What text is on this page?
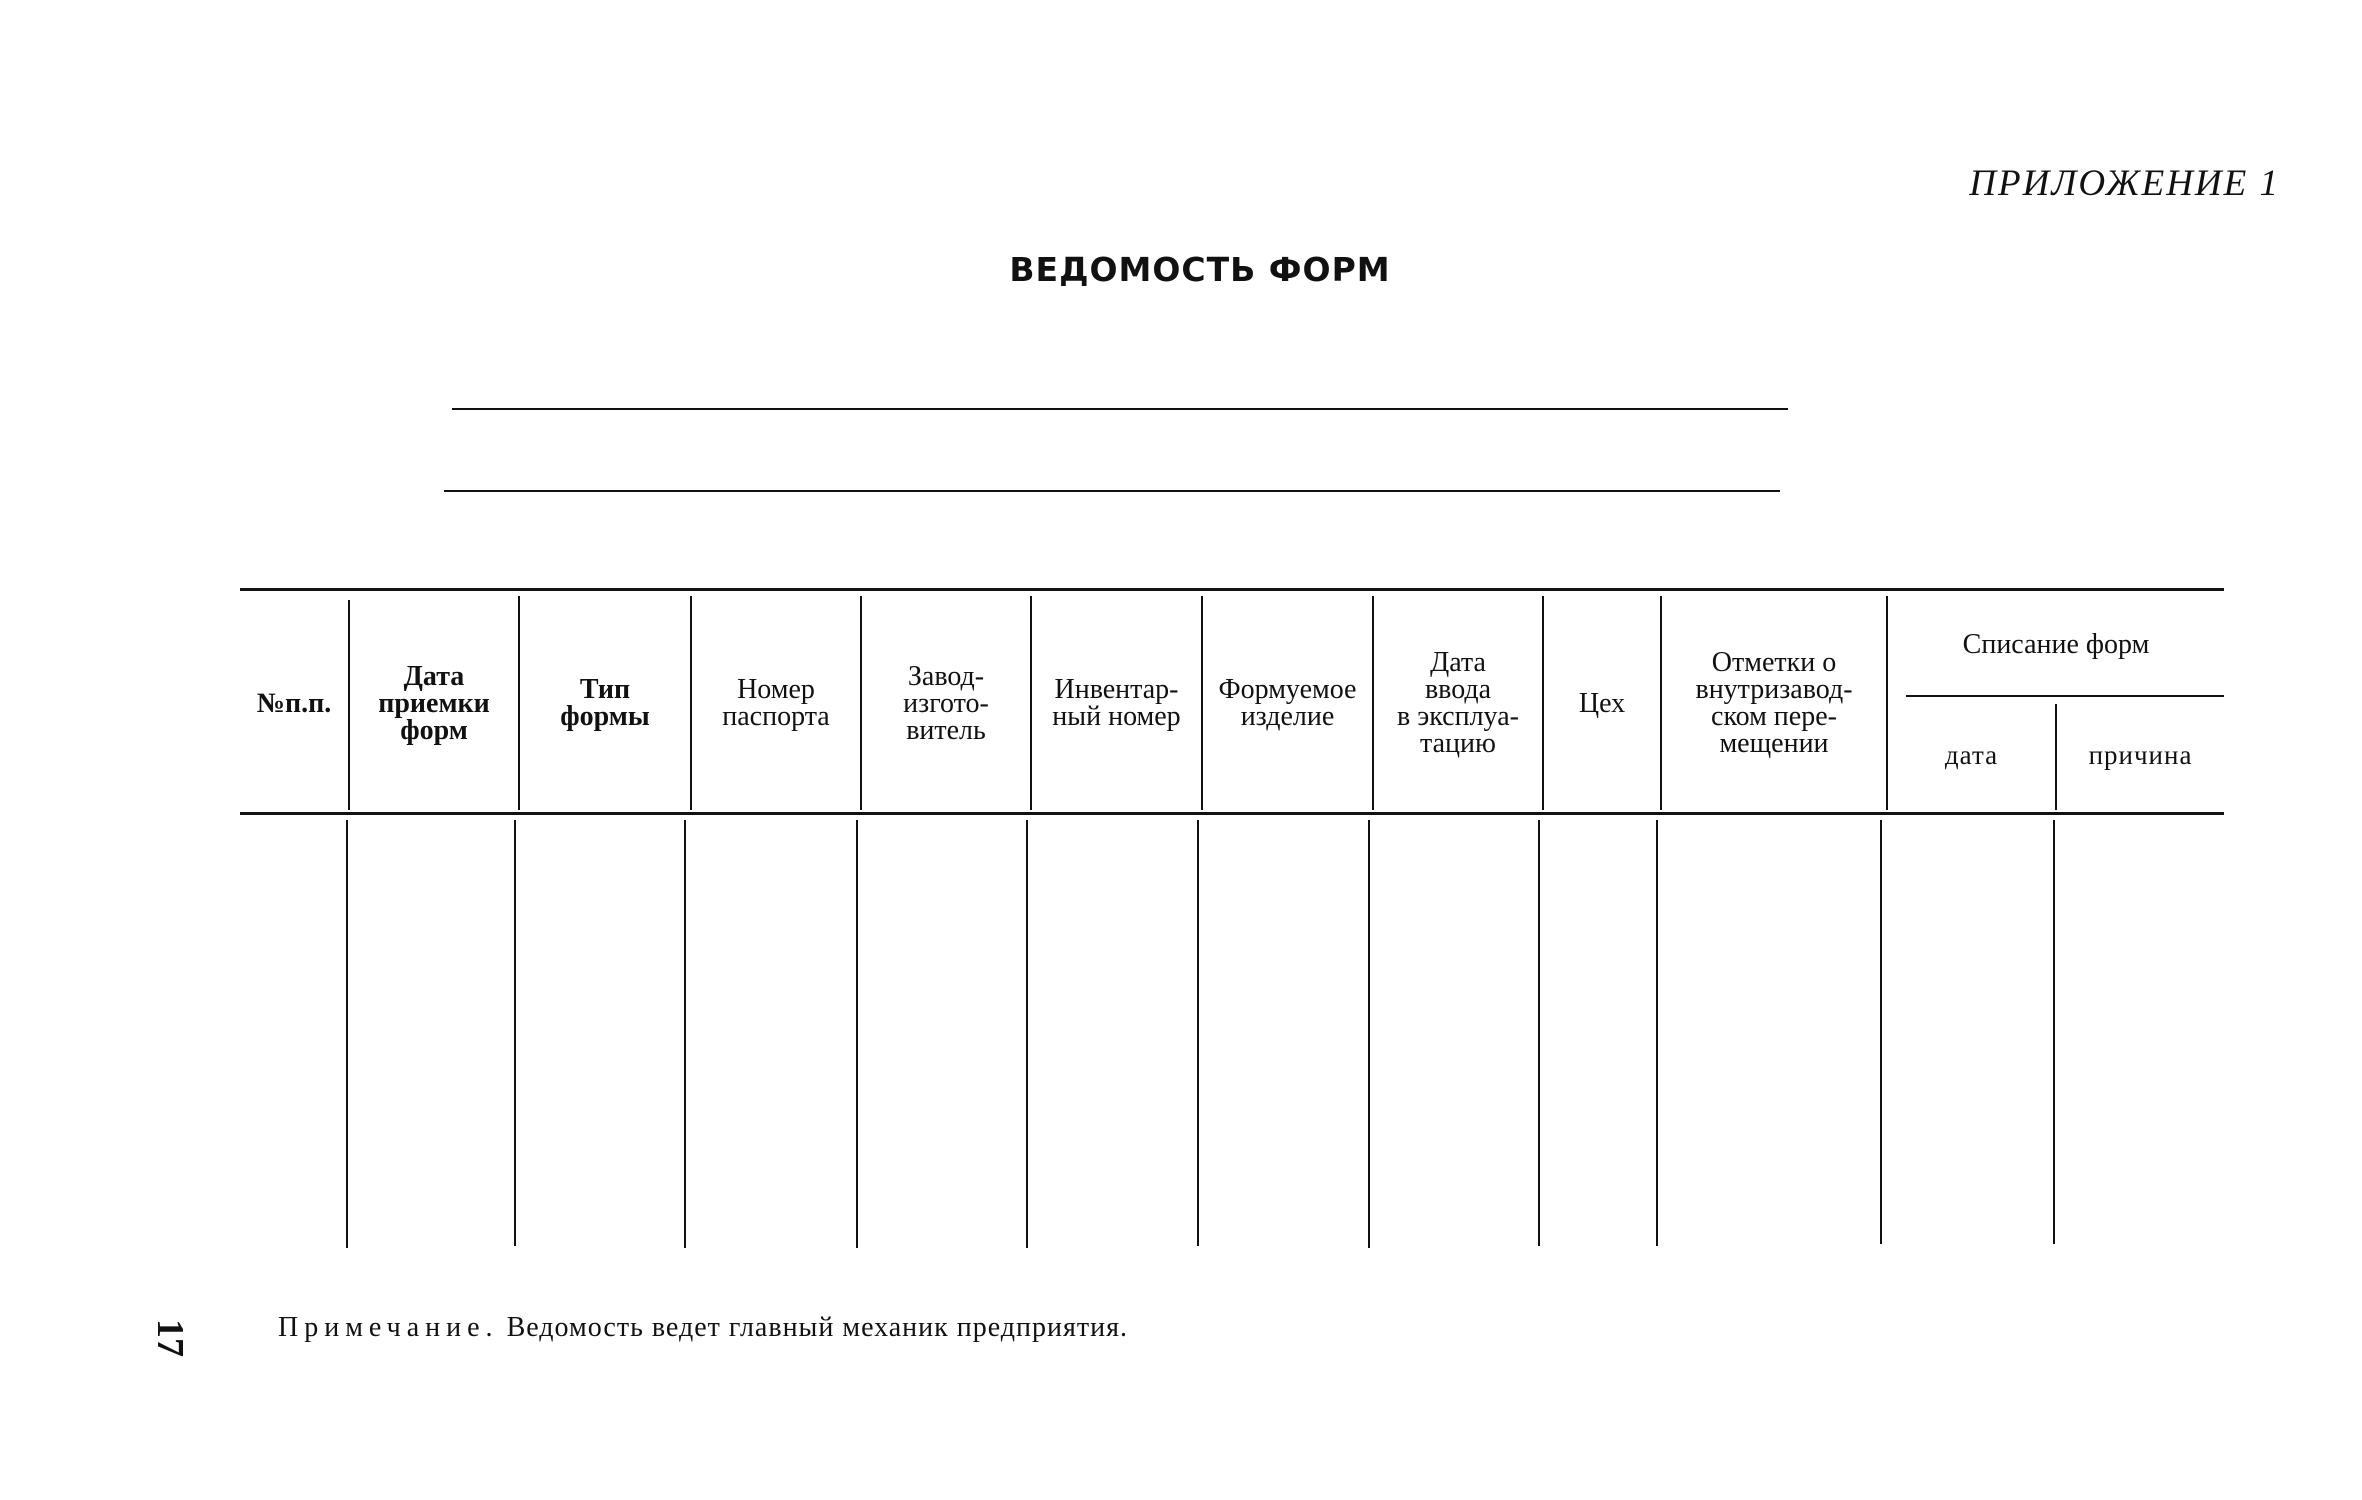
ПРИЛОЖЕНИЕ 1
ВЕДОМОСТЬ ФОРМ
№ п.п.
Дата
приемки
форм
Тип
формы
Номер
паспорта
Завод-
изгото-
витель
Инвентар-
ный номер
Формуемое
изделие
Дата
ввода
в эксплуа-
тацию
Цех
Отметки о
внутризавод-
ском пере-
мещении
Списание форм
дата	причина
17	Примечание. Ведомость ведет главный механик предприятия.
